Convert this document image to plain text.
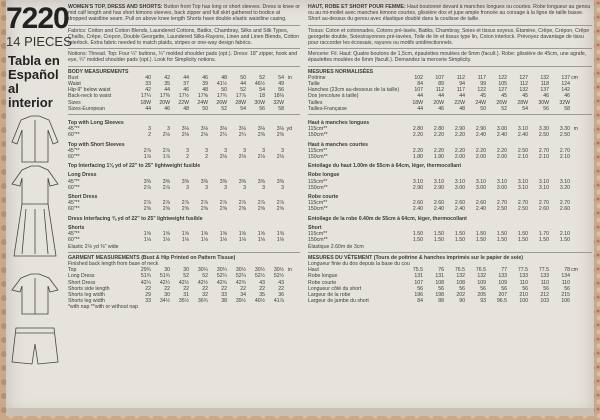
7220
14 PIECES
Tabla en Español al interior
WOMEN'S TOP, DRESS AND SHORTS: Button front Top has long or short sleeves. Dress is knee or mid calf length and has short kimono sleeves, back zipper and full skirt gathered to bodice at dropped waistline seam. Pull on above knee length Shorts have double elastic waistline casing.
Fabrics: Cotton and Cotton Blends, Laundered Cottons, Batiks, Chambray, Silks and Silk Types, Challis, Crêpe, Crepon, Double Georgette, Laundered Silks-Rayons, Linen and Linen Blends, Cotton Interlock. Extra fabric needed to match plaids, stripes or one-way design fabrics.
Notions: Thread. Top: Four ¼" buttons, ¼" molded shoulder pads (opt.). Dress: 18" zipper, hook and eye, ¼" molded shoulder pads (opt.). Look for Simplicity notions.
BODY MEASUREMENTS
Bust	40	42	44	46	48	50	52	54 in
Waist	33	35	37	39	41½	44	46½	49
Hip-9" below waist	42	44	46	48	50	52	54	56
Back-neck to waist	17¼	17⅜	17½	17⅝	17¾	17⅞	18	18⅛
Sizes	18W	20W	22W	24W	26W	28W	30W	32W
Sizes-European	44	46	48	50	52	54	56	58
Top with Long Sleeves
45"**	3	3	3⅛	3⅛	3⅛	3⅛	3⅛	3⅛ yd
60"**	2	2⅛	2⅛	2⅛	2¼	2¼	2⅜	2⅜
Top with Short Sleeves
45"**	2⅞	2⅞	3	3	3	3	3	3
60"**	1⅞	1⅞	2	2	2⅛	2⅛	2⅛	2⅛
Top Interfacing 1⅛ yd of 22" to 25" lightweight fusible
Long Dress
45"**	3⅜	3⅜	3⅜	3⅜	3⅜	3⅜	3⅜	3⅜
60"**	2⅞	2⅞	3	3	3	3	3	3
Short Dress
45"**	2⅞	2⅞	2⅞	2⅞	2⅞	2⅞	2⅞	2⅞
60"**	2⅝	2⅝	2⅝	2⅝	2⅝	2⅝	2⅝	2⅝
Dress Interfacing ⅜ yd of 22" to 25" lightweight fusible
Shorts
45"**	1⅝	1⅝	1⅝	1⅝	1⅝	1⅝	1⅝	1⅝
60"**	1⅛	1⅛	1⅛	1⅛	1⅛	1⅛	1⅛	1⅛
Elastic 2⅛ yd ⅜" wide
GARMENT MEASUREMENTS (Bust & Hip Printed on Pattern Tissue)
Finished back length from base of neck
Top	29¾	30	30	30¼	30¼	30½	30½	30½ in
Long Dress	51¾	51¾	52	52	52¼	52¼	52½	52½
Short Dress	42¼	42¼	42½	42½	42¾	42¾	43	43
Shorts side length	22	22	22	22	22	22	22	22
Shorts leg width	29	30	31	32	33	34	35	36
Shorts leg width	33	34½	35½	36¾	38	39½	40½	41⅞
*with nap **with or without nap
HAUT, ROBE ET SHORT POUR FEMME: Haut boutonné devant à manches longues ou courtes. Robe longueur au genou ou au mi-mollet avec manches kimono courtes, glissière dos et jupe ample froncée au corsage à la ligne de taille basse. Short au-dessus du genou avec élastique doublé dans la coulisse de taille.
Tissus: Coton et cotonnades, Cotons pré-lavés, Batiks, Chambray, Soies et tissus soyeux, Étamine, Crêpe, Crépon, Crêpe georgette double, Soies/rayonnes pré-lavées, Toile de lin et tissus type lin, Coton interlock. Prévoyez davantage de tissu pour raccorder les écossais, rayures ou motifs unidirectionnels.
Mercerie: Fil. Haut: Quatre boutons de 1,5cm, épaulettes moulées de 6mm (facult.). Robe: glissière de 45cm, une agrafe, épaulettes moulées de 6mm (facult.). Demandez la mercerie Simplicity.
MESURES NORMALISÉES
Poitrine	102	107	112	117	122	127	132	137 cm
Taille	84	89	94	99	105	112	118	124
Hanches (23cm au-dessous de la taille)	107	112	117	122	127	132	137	142
Dos (encolure à taille)	44	44	44	45	45	45	46	46
Tailles	18W	20W	22W	24W	26W	28W	30W	32W
Tailles-Française	44	46	48	50	52	54	56	58
Haut à manches longues
115cm**	2.80	2.80	2.90	2.90	3.00	3.10	3.30	3.30 m
150cm**	2.20	2.20	2.20	2.40	2.40	2.40	2.50	2.50
Haut à manches courtes
115cm**	2.20	2.20	2.20	2.20	2.20	2.50	2.70	2.70
150cm**	1.80	1.90	2.00	2.00	2.00	2.10	2.10	2.10
Entoilage du haut 1.00m de 55cm à 64cm, léger, thermocollant
Robe longue
115cm**	3.10	3.10	3.10	3.10	3.10	3.10	3.10	3.10
150cm**	2.90	2.90	3.00	3.00	3.00	3.10	3.10	3.20
Robe courte
115cm**	2.60	2.60	2.60	2.60	2.70	2.70	2.70	2.70
150cm**	2.40	2.40	2.40	2.40	2.50	2.50	2.60	2.60
Entoilage de la robe 0.40m de 55cm à 64cm, léger, thermocollant
Short
115cm**	1.50	1.50	1.50	1.50	1.50	1.50	1.70	2.10
150cm**	1.50	1.50	1.50	1.50	1.50	1.50	1.50	1.50
Élastique 2.60m de 3cm
MESURES DU VÊTEMENT (Tours de poitrine & hanches imprimés sur le papier de soie)
Longueur finie du dos depuis la base du cou
Haut	75.5	76	76.5	76.5	77	77.5	77.5	78 cm
Robe longue	131	131	132	132	133	133	133	134
Robe courte	107	108	108	109	109	110	110	110
Longueur côté du short	56	56	56	56	56	56	56	56
Largeur de la robe	196	198	202	205	207	210	212	215
Largeur de jambe du short	84	88	90	93	96.5	100	103	106
